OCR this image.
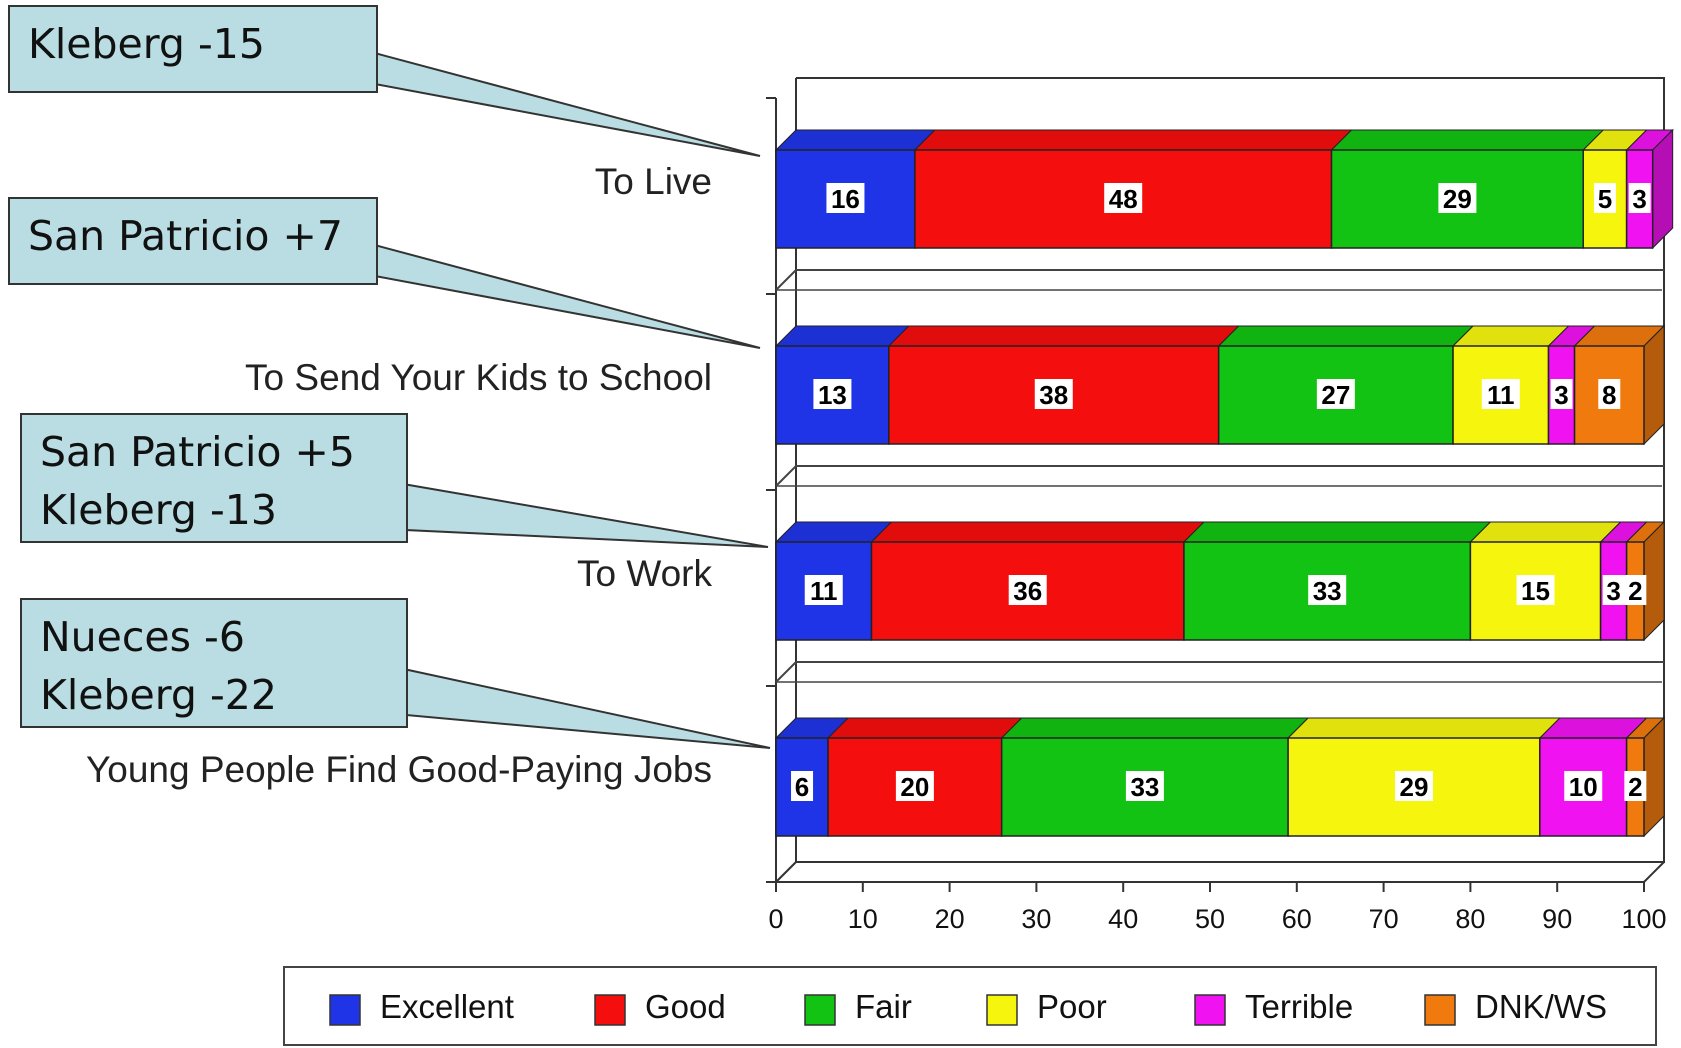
16	48	29	5 3
13	38	27	11 3 8
11	36	33	15 3 2
6	20	33	29	10 2
To Live
To Send Your Kids to School
To Work
Young People Find Good-Paying Jobs
0 10 20 30 40 50 60 70 80 90 100
Excellent	Good	Fair	Poor	Terrible	DNK/WS
Kleberg -15
San Patricio +7
San Patricio +5
Kleberg -13
Nueces -6
Kleberg -22
